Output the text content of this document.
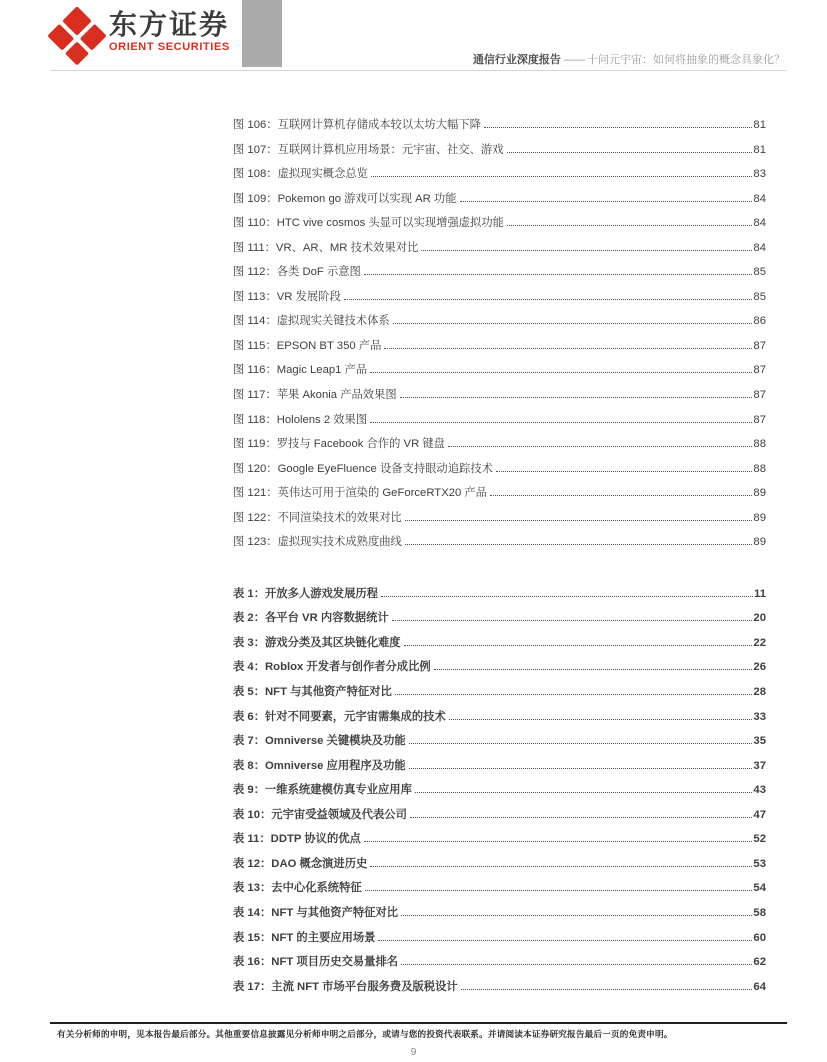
东方证券
ORIENT SECURITIES
通信行业深度报告 —— 十问元宇宙：如何将抽象的概念具象化？
图 106：互联网计算机存储成本较以太坊大幅下降	81
图 107：互联网计算机应用场景：元宇宙、社交、游戏	81
图 108：虚拟现实概念总览	83
图 109：Pokemon go 游戏可以实现 AR 功能	84
图 110：HTC vive cosmos 头显可以实现增强虚拟功能	84
图 111：VR、AR、MR 技术效果对比	84
图 112：各类 DoF 示意图	85
图 113：VR 发展阶段	85
图 114：虚拟现实关键技术体系	86
图 115：EPSON BT 350 产品	87
图 116：Magic Leap1 产品	87
图 117：苹果 Akonia 产品效果图	87
图 118：Hololens 2 效果图	87
图 119：罗技与 Facebook 合作的 VR 键盘	88
图 120：Google EyeFluence 设备支持眼动追踪技术	88
图 121：英伟达可用于渲染的 GeForceRTX20 产品	89
图 122：不同渲染技术的效果对比	89
图 123：虚拟现实技术成熟度曲线	89
表 1：开放多人游戏发展历程	11
表 2：各平台 VR 内容数据统计	20
表 3：游戏分类及其区块链化难度	22
表 4：Roblox 开发者与创作者分成比例	26
表 5：NFT 与其他资产特征对比	28
表 6：针对不同要素，元宇宙需集成的技术	33
表 7：Omniverse 关键模块及功能	35
表 8：Omniverse 应用程序及功能	37
表 9：一维系统建模仿真专业应用库	43
表 10：元宇宙受益领域及代表公司	47
表 11：DDTP 协议的优点	52
表 12：DAO 概念演进历史	53
表 13：去中心化系统特征	54
表 14：NFT 与其他资产特征对比	58
表 15：NFT 的主要应用场景	60
表 16：NFT 项目历史交易量排名	62
表 17：主流 NFT 市场平台服务费及版税设计	64
有关分析师的申明，见本报告最后部分。其他重要信息披露见分析师申明之后部分，或请与您的投资代表联系。并请阅读本证券研究报告最后一页的免责申明。
9
